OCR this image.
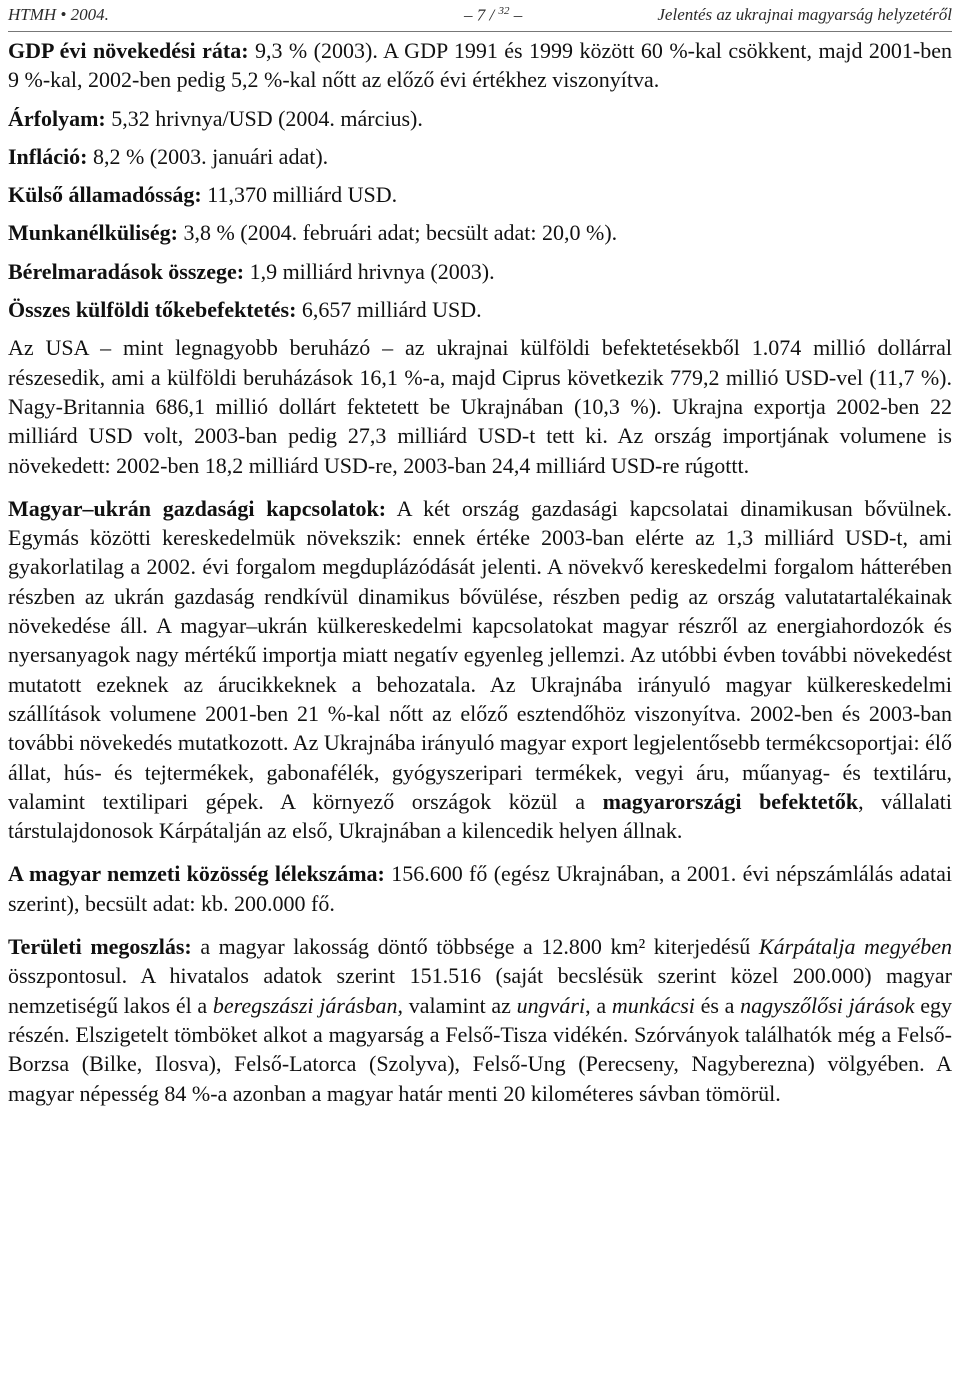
HTMH • 2004.	– 7 / $^{32}$ –	Jelentés az ukrajnai magyarság helyzetéről

GDP évi növekedési ráta: 9,3 % (2003). A GDP 1991 és 1999 között 60 %-kal csökkent, majd 2001-ben 9 %-kal, 2002-ben pedig 5,2 %-kal nőtt az előző évi értékhez viszonyítva.

Árfolyam: 5,32 hrivnya/USD (2004. március).

Infláció: 8,2 % (2003. januári adat).

Külső államadósság: 11,370 milliárd USD.

Munkanélküliség: 3,8 % (2004. februári adat; becsült adat: 20,0 %).

Bérelmaradások összege: 1,9 milliárd hrivnya (2003).

Összes külföldi tőkebefektetés: 6,657 milliárd USD.

Az USA – mint legnagyobb beruházó – az ukrajnai külföldi befektetésekből 1.074 millió dollárral részesedik, ami a külföldi beruházások 16,1 %-a, majd Ciprus következik 779,2 millió USD-vel (11,7 %). Nagy-Britannia 686,1 millió dollárt fektetett be Ukrajnában (10,3 %). Ukrajna exportja 2002-ben 22 milliárd USD volt, 2003-ban pedig 27,3 milliárd USD-t tett ki. Az ország importjának volumene is növekedett: 2002-ben 18,2 milliárd USD-re, 2003-ban 24,4 milliárd USD-re rúgottt.

Magyar–ukrán gazdasági kapcsolatok: A két ország gazdasági kapcsolatai dinamikusan bővülnek. Egymás közötti kereskedelmük növekszik: ennek értéke 2003-ban elérte az 1,3 milliárd USD-t, ami gyakorlatilag a 2002. évi forgalom megduplázódását jelenti. A növekvő kereskedelmi forgalom hátterében részben az ukrán gazdaság rendkívül dinamikus bővülése, részben pedig az ország valutatartalékainak növekedése áll. A magyar–ukrán külkereskedelmi kapcsolatokat magyar részről az energiahordozók és nyersanyagok nagy mértékű importja miatt negatív egyenleg jellemzi. Az utóbbi évben további növekedést mutatott ezeknek az árucikkeknek a behozatala. Az Ukrajnába irányuló magyar külkereskedelmi szállítások volumene 2001-ben 21 %-kal nőtt az előző esztendőhöz viszonyítva. 2002-ben és 2003-ban további növekedés mutatkozott. Az Ukrajnába irányuló magyar export legjelentősebb termékcsoportjai: élő állat, hús- és tejtermékek, gabonafélék, gyógyszeripari termékek, vegyi áru, műanyag- és textiláru, valamint textilipari gépek. A környező országok közül a magyarországi befektetők, vállalati társtulajdonosok Kárpátalján az első, Ukrajnában a kilencedik helyen állnak.

A magyar nemzeti közösség lélekszáma: 156.600 fő (egész Ukrajnában, a 2001. évi népszámlálás adatai szerint), becsült adat: kb. 200.000 fő.

Területi megoszlás: a magyar lakosság döntő többsége a 12.800 km² kiterjedésű Kárpátalja megyében összpontosul. A hivatalos adatok szerint 151.516 (saját becslésük szerint közel 200.000) magyar nemzetiségű lakos él a beregszászi járásban, valamint az ungvári, a munkácsi és a nagyszőlősi járások egy részén. Elszigetelt tömböket alkot a magyarság a Felső-Tisza vidékén. Szórványok találhatók még a Felső-Borzsa (Bilke, Ilosva), Felső-Latorca (Szolyva), Felső-Ung (Perecseny, Nagyberezna) völgyében. A magyar népesség 84 %-a azonban a magyar határ menti 20 kilométeres sávban tömörül.
